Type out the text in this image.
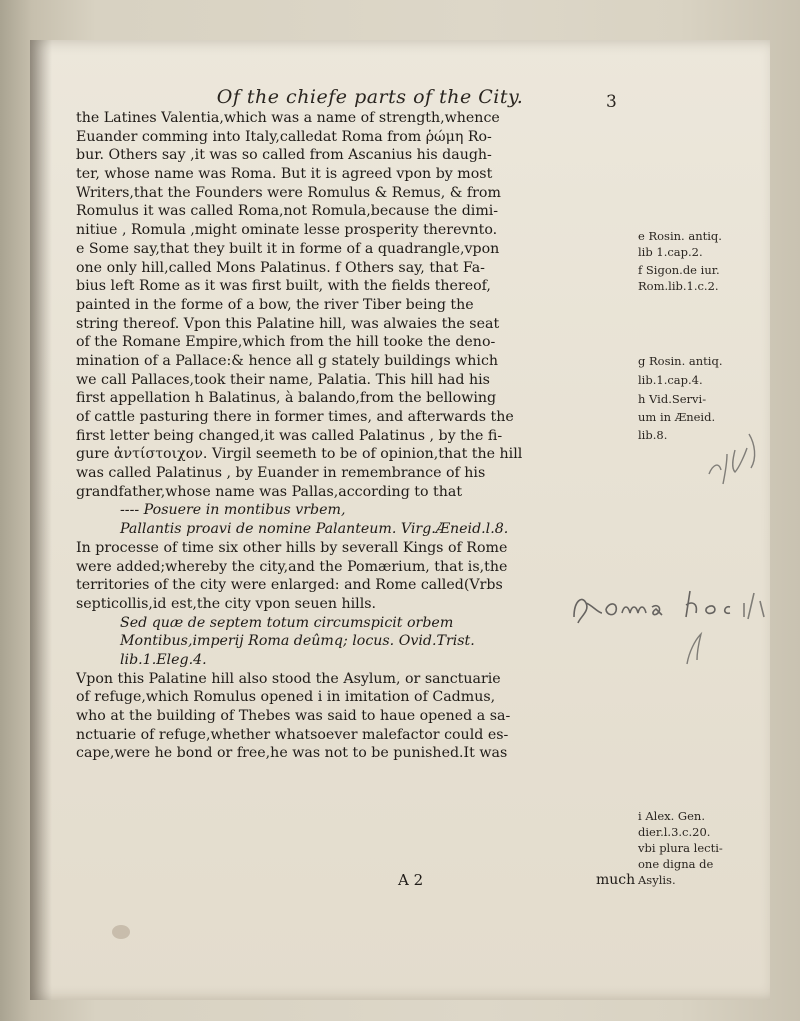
Of the chiefe parts of the City.	3
the Latines Valentia,which was a name of strength,whence
Euander comming into Italy,calledat Roma from ῥώμη Ro-
bur. Others say ,it was so called from Ascanius his daugh-
ter, whose name was Roma. But it is agreed vpon by most
Writers,that the Founders were Romulus & Remus, & from
Romulus it was called Roma,not Romula,because the dimi-
nitiue , Romula ,might ominate lesse prosperity therevnto.
e Some say,that they built it in forme of a quadrangle,vpon
one only hill,called Mons Palatinus. f Others say, that Fa-
bius left Rome as it was first built, with the fields thereof,
painted in the forme of a bow, the river Tiber being the
string thereof. Vpon this Palatine hill, was alwaies the seat
of the Romane Empire,which from the hill tooke the deno-
mination of a Pallace:& hence all g stately buildings which
we call Pallaces,took their name, Palatia. This hill had his
first appellation h Balatinus, à balando,from the bellowing
of cattle pasturing there in former times, and afterwards the
first letter being changed,it was called Palatinus , by the fi-
gure ἀντίστοιχον. Virgil seemeth to be of opinion,that the hill
was called Palatinus , by Euander in remembrance of his
grandfather,whose name was Pallas,according to that
---- Posuere in montibus vrbem,
Pallantis proavi de nomine Palanteum. Virg.Æneid.l.8.
In processe of time six other hills by severall Kings of Rome
were added;whereby the city,and the Pomærium, that is,the
territories of the city were enlarged: and Rome called(Vrbs
septicollis,id est,the city vpon seuen hills.
Sed quæ de septem totum circumspicit orbem
Montibus,imperij Roma deûmq; locus. Ovid.Trist.
lib.1.Eleg.4.
Vpon this Palatine hill also stood the Asylum, or sanctuarie
of refuge,which Romulus opened i in imitation of Cadmus,
who at the building of Thebes was said to haue opened a sa-
nctuarie of refuge,whether whatsoever malefactor could es-
cape,were he bond or free,he was not to be punished.It was
e Rosin. antiq.
lib 1.cap.2.
f Sigon.de iur.
Rom.lib.1.c.2.
g Rosin. antiq.
lib.1.cap.4.
h Vid.Servi-
um in Æneid.
lib.8.
i Alex. Gen.
dier.l.3.c.20.
vbi plura lecti-
one digna de
Asylis.
A 2	much
Roma	hoc
